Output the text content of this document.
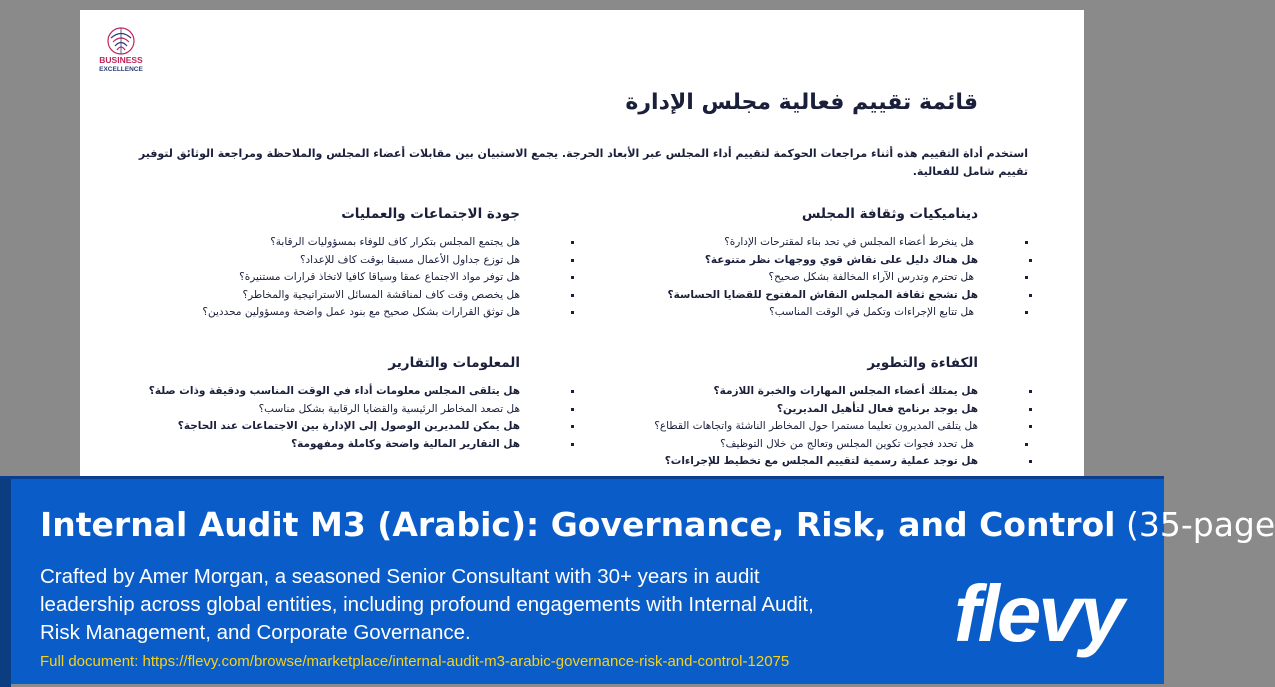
BUSINESS
EXCELLENCE
قائمة تقييم فعالية مجلس الإدارة

استخدم أداة التقييم هذه أثناء مراجعات الحوكمة لتقييم أداء المجلس عبر الأبعاد الحرجة. يجمع الاستبيان بين مقابلات أعضاء المجلس والملاحظة ومراجعة الوثائق لتوفير تقييم شامل للفعالية.

ديناميكيات وثقافة المجلس
هل ينخرط أعضاء المجلس في تحد بناء لمقترحات الإدارة؟
هل هناك دليل على نقاش قوي ووجهات نظر متنوعة؟
هل تحترم وتدرس الآراء المخالفة بشكل صحيح؟
هل تشجع ثقافة المجلس النقاش المفتوح للقضايا الحساسة؟
هل تتابع الإجراءات وتكمل في الوقت المناسب؟
جودة الاجتماعات والعمليات
هل يجتمع المجلس بتكرار كاف للوفاء بمسؤوليات الرقابة؟
هل توزع جداول الأعمال مسبقا بوقت كاف للإعداد؟
هل توفر مواد الاجتماع عمقا وسياقا كافيا لاتخاذ قرارات مستنيرة؟
هل يخصص وقت كاف لمناقشة المسائل الاستراتيجية والمخاطر؟
هل توثق القرارات بشكل صحيح مع بنود عمل واضحة ومسؤولين محددين؟
الكفاءة والتطوير
هل يمتلك أعضاء المجلس المهارات والخبرة اللازمة؟
هل يوجد برنامج فعال لتأهيل المديرين؟
هل يتلقى المديرون تعليما مستمرا حول المخاطر الناشئة واتجاهات القطاع؟
هل تحدد فجوات تكوين المجلس وتعالج من خلال التوظيف؟
هل توجد عملية رسمية لتقييم المجلس مع تخطيط للإجراءات؟
المعلومات والتقارير
هل يتلقى المجلس معلومات أداء في الوقت المناسب ودقيقة وذات صلة؟
هل تصعد المخاطر الرئيسية والقضايا الرقابية بشكل مناسب؟
هل يمكن للمديرين الوصول إلى الإدارة بين الاجتماعات عند الحاجة؟
هل التقارير المالية واضحة وكاملة ومفهومة؟
Internal Audit M3 (Arabic): Governance, Risk, and Control (35-page

Crafted by Amer Morgan, a seasoned Senior Consultant with 30+ years in audit leadership across global entities, including profound engagements with Internal Audit, Risk Management, and Corporate Governance.

Full document: https://flevy.com/browse/marketplace/internal-audit-m3-arabic-governance-risk-and-control-12075
flevy
